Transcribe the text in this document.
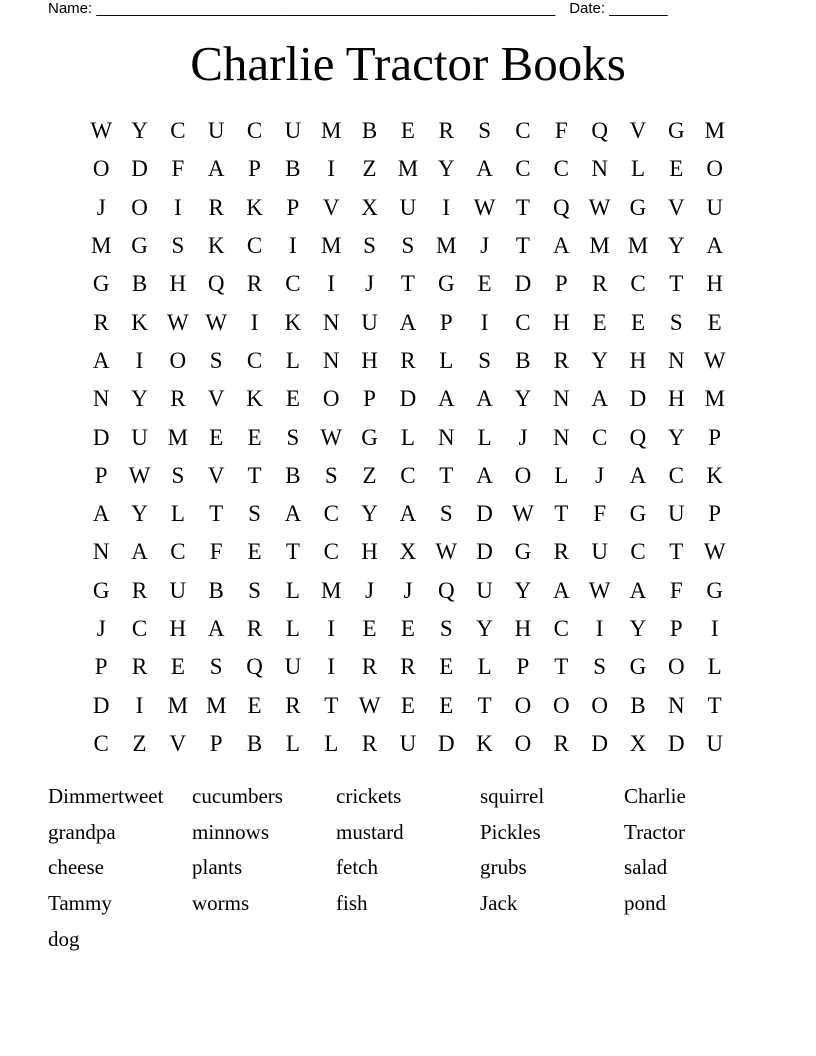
Name: _______________________________________________________ Date: _______
Charlie Tractor Books
W Y C U C U M B	E	R	S	C	F	Q V G M
O D	F	A	P	B	I	Z M Y A C	C N	L	E	O
J	O	I	R K	P	V X U	I	W T	Q W G V U
M G	S	K C	I	M S	S M	J	T	A M M Y A
G B H Q R	C	I	J	T	G	E	D	P	R	C	T	H
R K W W	I	K N U A	P	I	C H	E	E	S	E
A	I	O	S	C	L	N H R	L	S	B	R Y H N W
N Y R V K	E	O	P	D A A Y N A D H M
D U M E	E	S W G	L	N	L	J	N C Q Y	P
P W S	V	T	B	S	Z	C	T	A O	L	J	A C K
A Y	L	T	S	A C Y A	S	D W T	F	G U	P
N A C	F	E	T	C H X W D G R U C	T W
G R U B	S	L M	J	J	Q U Y A W A	F	G
J	C H A R	L	I	E	E	S	Y H C	I	Y	P	I
P	R	E	S	Q U	I	R	R	E	L	P	T	S	G O	L
D	I	M M E	R	T W E	E	T	O O O B N	T
C	Z	V	P	B	L	L	R U D K O R D X D U
Dimmertweet	cucumbers	crickets	squirrel	Charlie
grandpa	minnows	mustard	Pickles	Tractor
cheese	plants	fetch	grubs	salad
Tammy	worms	fish	Jack	pond
dog
